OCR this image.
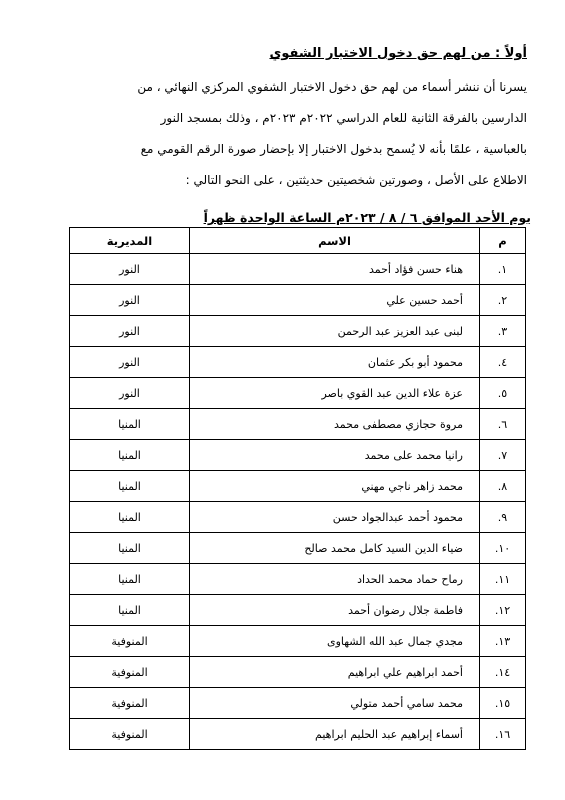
أولاً : من لهم حق دخول الاختبار الشفوي
يسرنا أن ننشر أسماء من لهم حق دخول الاختبار الشفوي المركزي النهائي ، من
الدارسين بالفرقة الثانية للعام الدراسي ٢٠٢٢م ٢٠٢٣م ، وذلك بمسجد النور
بالعباسية ، علمًا بأنه لا يُسمح بدخول الاختبار إلا بإحضار صورة الرقم القومي مع
الاطلاع على الأصل ، وصورتين شخصيتين حديثتين ، على النحو التالي :
يوم الأحد الموافق ٦ / ٨ / ٢٠٢٣م الساعة الواحدة ظهراً
م	الاسم	المديرية
١.	هناء حسن فؤاد أحمد	النور
٢.	أحمد حسين علي	النور
٣.	لبنى عبد العزيز عبد الرحمن	النور
٤.	محمود أبو بكر عثمان	النور
٥.	عزة علاء الدين عبد القوي باصر	النور
٦.	مروة حجازي مصطفى محمد	المنيا
٧.	رانيا محمد على محمد	المنيا
٨.	محمد زاهر ناجي مهني	المنيا
٩.	محمود أحمد عبدالجواد حسن	المنيا
١٠.	ضياء الدين السيد كامل محمد صالح	المنيا
١١.	رماح حماد محمد الحداد	المنيا
١٢.	فاطمة جلال رضوان أحمد	المنيا
١٣.	مجدي جمال عبد الله الشهاوى	المنوفية
١٤.	أحمد ابراهيم علي ابراهيم	المنوفية
١٥.	محمد سامي أحمد متولي	المنوفية
١٦.	أسماء إبراهيم عبد الحليم ابراهيم	المنوفية
